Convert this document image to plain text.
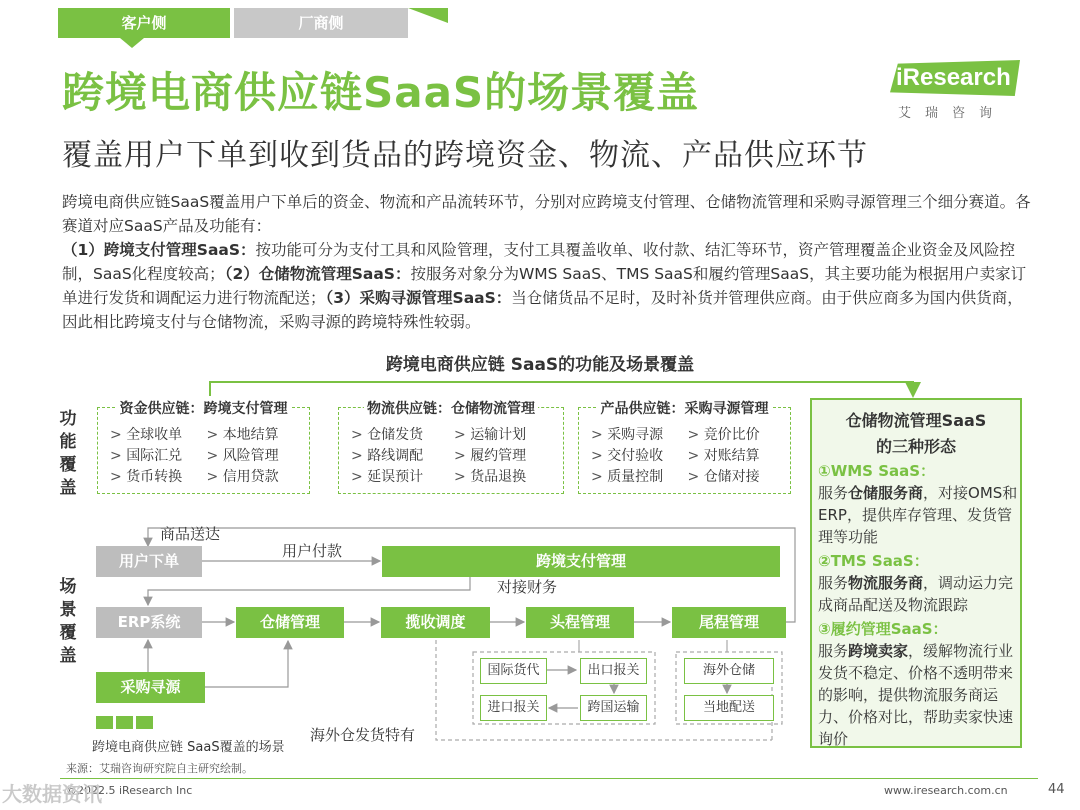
客户侧	厂商侧
跨境电商供应链SaaS的场景覆盖
覆盖用户下单到收到货品的跨境资金、物流、产品供应环节
iResearch
艾瑞咨询

跨境电商供应链SaaS覆盖用户下单后的资金、物流和产品流转环节，分别对应跨境支付管理、仓储物流管理和采购寻源管理三个细分赛道。各赛道对应SaaS产品及功能有：

（1）跨境支付管理SaaS：按功能可分为支付工具和风险管理，支付工具覆盖收单、收付款、结汇等环节，资产管理覆盖企业资金及风险控制，SaaS化程度较高；（2）仓储物流管理SaaS：按服务对象分为WMS SaaS、TMS SaaS和履约管理SaaS，其主要功能为根据用户卖家订单进行发货和调配运力进行物流配送；（3）采购寻源管理SaaS：当仓储货品不足时，及时补货并管理供应商。由于供应商多为国内供货商，因此相比跨境支付与仓储物流，采购寻源的跨境特殊性较弱。

跨境电商供应链 SaaS的功能及场景覆盖
功
能
覆
盖
场
景
覆
盖
资金供应链：跨境支付管理
> 全球收单	> 本地结算
> 国际汇兑	> 风险管理
> 货币转换	> 信用贷款
物流供应链：仓储物流管理
> 仓储发货	> 运输计划
> 路线调配	> 履约管理
> 延误预计	> 货品退换
产品供应链：采购寻源管理
> 采购寻源	> 竞价比价
> 交付验收	> 对账结算
> 质量控制	> 仓储对接
用户下单	跨境支付管理
ERP系统	仓储管理	揽收调度	头程管理	尾程管理
采购寻源
商品送达
用户付款
对接财务
国际货代	出口报关
进口报关	跨国运输
海外仓储
当地配送
海外仓发货特有
仓储物流管理SaaS
的三种形态
①WMS SaaS：
服务仓储服务商，对接OMS和ERP，提供库存管理、发货管理等功能
②TMS SaaS：
服务物流服务商，调动运力完成商品配送及物流跟踪
③履约管理SaaS：
服务跨境卖家，缓解物流行业发货不稳定、价格不透明带来的影响，提供物流服务商运力、价格对比，帮助卖家快速询价
跨境电商供应链 SaaS覆盖的场景
来源：艾瑞咨询研究院自主研究绘制。
©2022.5 iResearch Inc	www.iresearch.com.cn	44
大数据资讯
